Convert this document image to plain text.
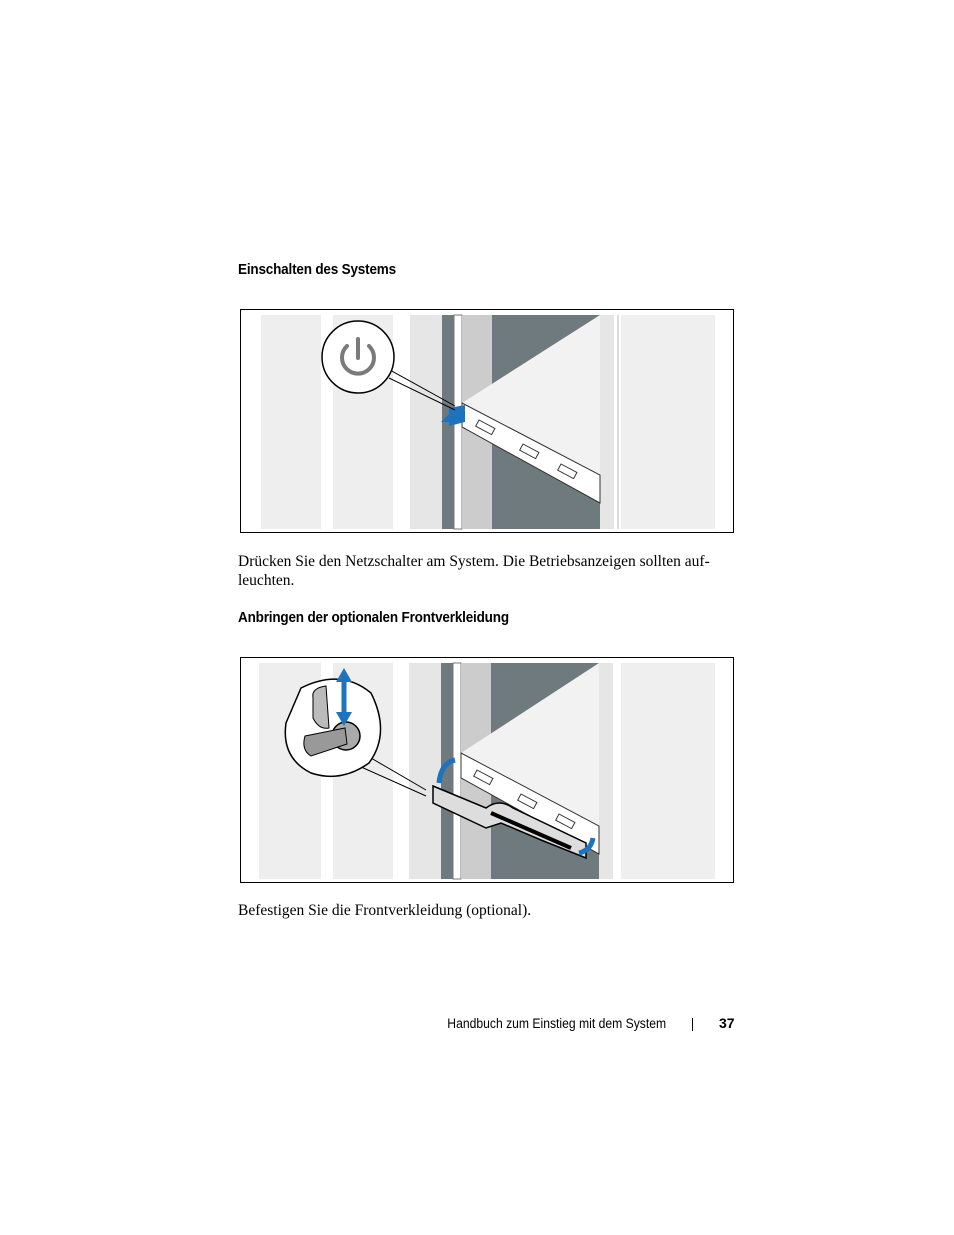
Einschalten des Systems
Drücken Sie den Netzschalter am System. Die Betriebsanzeigen sollten auf-
leuchten.
Anbringen der optionalen Frontverkleidung
Befestigen Sie die Frontverkleidung (optional).
Handbuch zum Einstieg mit dem System	37
